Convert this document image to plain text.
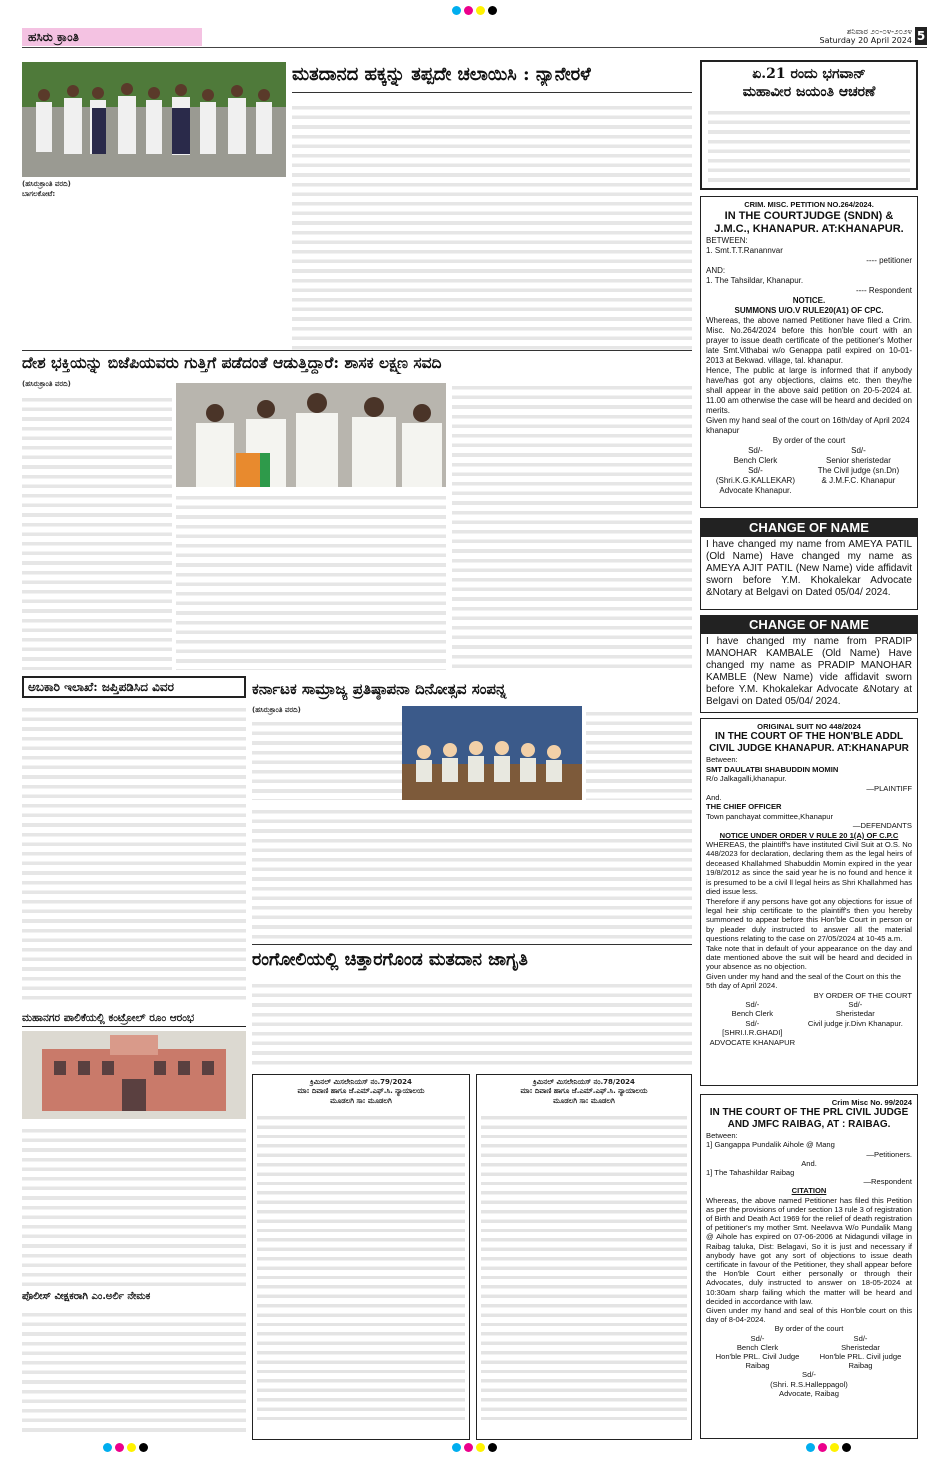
ಹಸಿರು ಕ್ರಾಂತಿ	ಶನಿವಾರ ೨೦-೦೪-೨೦೨೪
Saturday 20 April 2024 5
ಮತದಾನದ ಹಕ್ಕನ್ನು ತಪ್ಪದೇ ಚಲಾಯಿಸಿ : ನ್ಯಾನೇರಳೆ
(ಹಸಿರುಕ್ರಾಂತಿ ವರದಿ)
ಬಾಗಲಕೋಟೆ:
ಏ.21 ರಂದು ಭಗವಾನ್
ಮಹಾವೀರ ಜಯಂತಿ ಆಚರಣೆ
CRIM. MISC. PETITION NO.264/2024.
IN THE COURTJUDGE (SNDN) & J.M.C., KHANAPUR. AT:KHANAPUR.
BETWEEN:
1. Smt.T.T.Ranannvar
---- petitioner
AND:
1. The Tahsildar, Khanapur.
---- Respondent
NOTICE.
SUMMONS U/O.V RULE20(A1) OF CPC.
Whereas, the above named Petitioner have filed a Crim. Misc. No.264/2024 before this hon'ble court with an prayer to issue death certificate of the petitioner's Mother late Smt.Vithabai w/o Genappa patil expired on 10-01-2013 at Bekwad. village, tal. khanapur.
Hence, The public at large is informed that if anybody have/has got any objections, claims etc. then they/he shall appear in the above said petition on 20-5-2024 at. 11.00 am otherwise the case will be heard and decided on merits.
Given my hand seal of the court on 16th/day of April 2024 khanapur
By order of the court
Sd/-
Bench Clerk
Sd/-
(Shri.K.G.KALLEKAR)
Advocate Khanapur.
Sd/-
Senior sheristedar
The Civil judge (sn.Dn)
& J.M.F.C. Khanapur
CHANGE OF NAME
I have changed my name from AMEYA PATIL (Old Name) Have changed my name as AMEYA AJIT PATIL (New Name) vide affidavit sworn before Y.M. Khokalekar Advocate &Notary at Belgavi on Dated 05/04/ 2024.
CHANGE OF NAME
I have changed my name from PRADIP MANOHAR KAMBALE (Old Name) Have changed my name as PRADIP MANOHAR KAMBLE (New Name) vide affidavit sworn before Y.M. Khokalekar Advocate &Notary at Belgavi on Dated 05/04/ 2024.
ORIGINAL SUIT NO 448/2024
IN THE COURT OF THE HON'BLE ADDL CIVIL JUDGE KHANAPUR. AT:KHANAPUR
Between:
SMT DAULATBI SHABUDDIN MOMIN
R/o Jalkagalli,khanapur.
—PLAINTIFF
And.
THE CHIEF OFFICER
Town panchayat committee,Khanapur
—DEFENDANTS
NOTICE UNDER ORDER V RULE 20 1(A) OF C.P.C
WHEREAS, the plaintiff's have instituted Civil Suit at O.S. No 448/2023 for declaration, declaring them as the legal heirs of deceased Khallahmed Shabuddin Momin expired in the year 19/8/2012 as since the said year he is no found and hence it is presumed to be a civil ll legal heirs as Shri Khallahmed has died issue less.
Therefore if any persons have got any objections for issue of legal heir ship certificate to the plaintiff's then you hereby summoned to appear before this Hon'ble Court in person or by pleader duly instructed to answer all the material questions relating to the case on 27/05/2024 at 10-45 a.m.
Take note that in default of your appearance on the day and date mentioned above the suit will be heard and decided in your absence as no objection.
Given under my hand and the seal of the Court on this the 5th day of April 2024.
BY ORDER OF THE COURT
Sd/-
Bench Clerk
Sd/-
[SHRI.I.R.GHADI]
ADVOCATE KHANAPUR
Sd/-
Sheristedar
Civil judge jr.Divn Khanapur.
Crim Misc No. 99/2024
IN THE COURT OF THE PRL CIVIL JUDGE AND JMFC RAIBAG, AT : RAIBAG.
Between:
1] Gangappa Pundalik Aihole @ Mang
—Petitioners.
And.
1] The Tahashildar Raibag
—Respondent
CITATION
Whereas, the above named Petitioner has filed this Petition as per the provisions of under section 13 rule 3 of registration of Birth and Death Act 1969 for the relief of death registration of petitioner's my mother Smt. Neelavva W/o Pundalik Mang @ Aihole has expired on 07-06-2006 at Nidagundi village in Raibag taluka, Dist: Belagavi, So it is just and necessary if anybody have got any sort of objections to issue death certificate in favour of the Petitioner, they shall appear before the Hon'ble Court either personally or through their Advocates, duly instructed to answer on 18-05-2024 at 10:30am sharp failing which the matter will be heard and decided in accordance with law.
Given under my hand and seal of this Hon'ble court on this day of 8-04-2024.
By order of the court
Sd/-
Bench Clerk
Hon'ble PRL. Civil Judge
Raibag
Sd/-
Sheristedar
Hon'ble PRL. Civil judge
Raibag
Sd/-
(Shri. R.S.Halleppagol)
Advocate, Raibag
ದೇಶ ಭಕ್ತಿಯನ್ನು ಬಿಜೆಪಿಯವರು ಗುತ್ತಿಗೆ ಪಡೆದಂತೆ ಆಡುತ್ತಿದ್ದಾರೆ: ಶಾಸಕ ಲಕ್ಷ್ಮಣ ಸವದಿ
(ಹಸಿರುಕ್ರಾಂತಿ ವರದಿ)
ಅಬಕಾರಿ ಇಲಾಖೆ: ಜಪ್ತಿಪಡಿಸಿದ ವಿವರ
ಮಹಾನಗರ ಪಾಲಿಕೆಯಲ್ಲಿ ಕಂಟ್ರೋಲ್ ರೂಂ ಆರಂಭ
ಪೊಲೀಸ್ ವೀಕ್ಷಕರಾಗಿ ಎಂ.ಅರ್ಲಿ ನೇಮಕ
ಕರ್ನಾಟಕ ಸಾಮ್ರಾಜ್ಯ ಪ್ರತಿಷ್ಠಾಪನಾ ದಿನೋತ್ಸವ ಸಂಪನ್ನ
(ಹಸಿರುಕ್ರಾಂತಿ ವರದಿ)
ರಂಗೋಲಿಯಲ್ಲಿ ಚಿತ್ತಾರಗೊಂಡ ಮತದಾನ ಜಾಗೃತಿ
ಕ್ರಿಮಿನಲ್ ಮಿಸಲೇನಿಯಸ್ ನಂ.79/2024
ಮಾ: ದಿವಾಣಿ ಹಾಗೂ ಜೆ.ಎಮ್.ಎಫ್.ಸಿ. ನ್ಯಾಯಾಲಯ
ಮೂಡಲಗಿ ಸಾ: ಮೂಡಲಗಿ
ಕ್ರಿಮಿನಲ್ ಮಿಸಲೇನಿಯಸ್ ನಂ.78/2024
ಮಾ: ದಿವಾಣಿ ಹಾಗೂ ಜೆ.ಎಮ್.ಎಫ್.ಸಿ. ನ್ಯಾಯಾಲಯ
ಮೂಡಲಗಿ ಸಾ: ಮೂಡಲಗಿ
